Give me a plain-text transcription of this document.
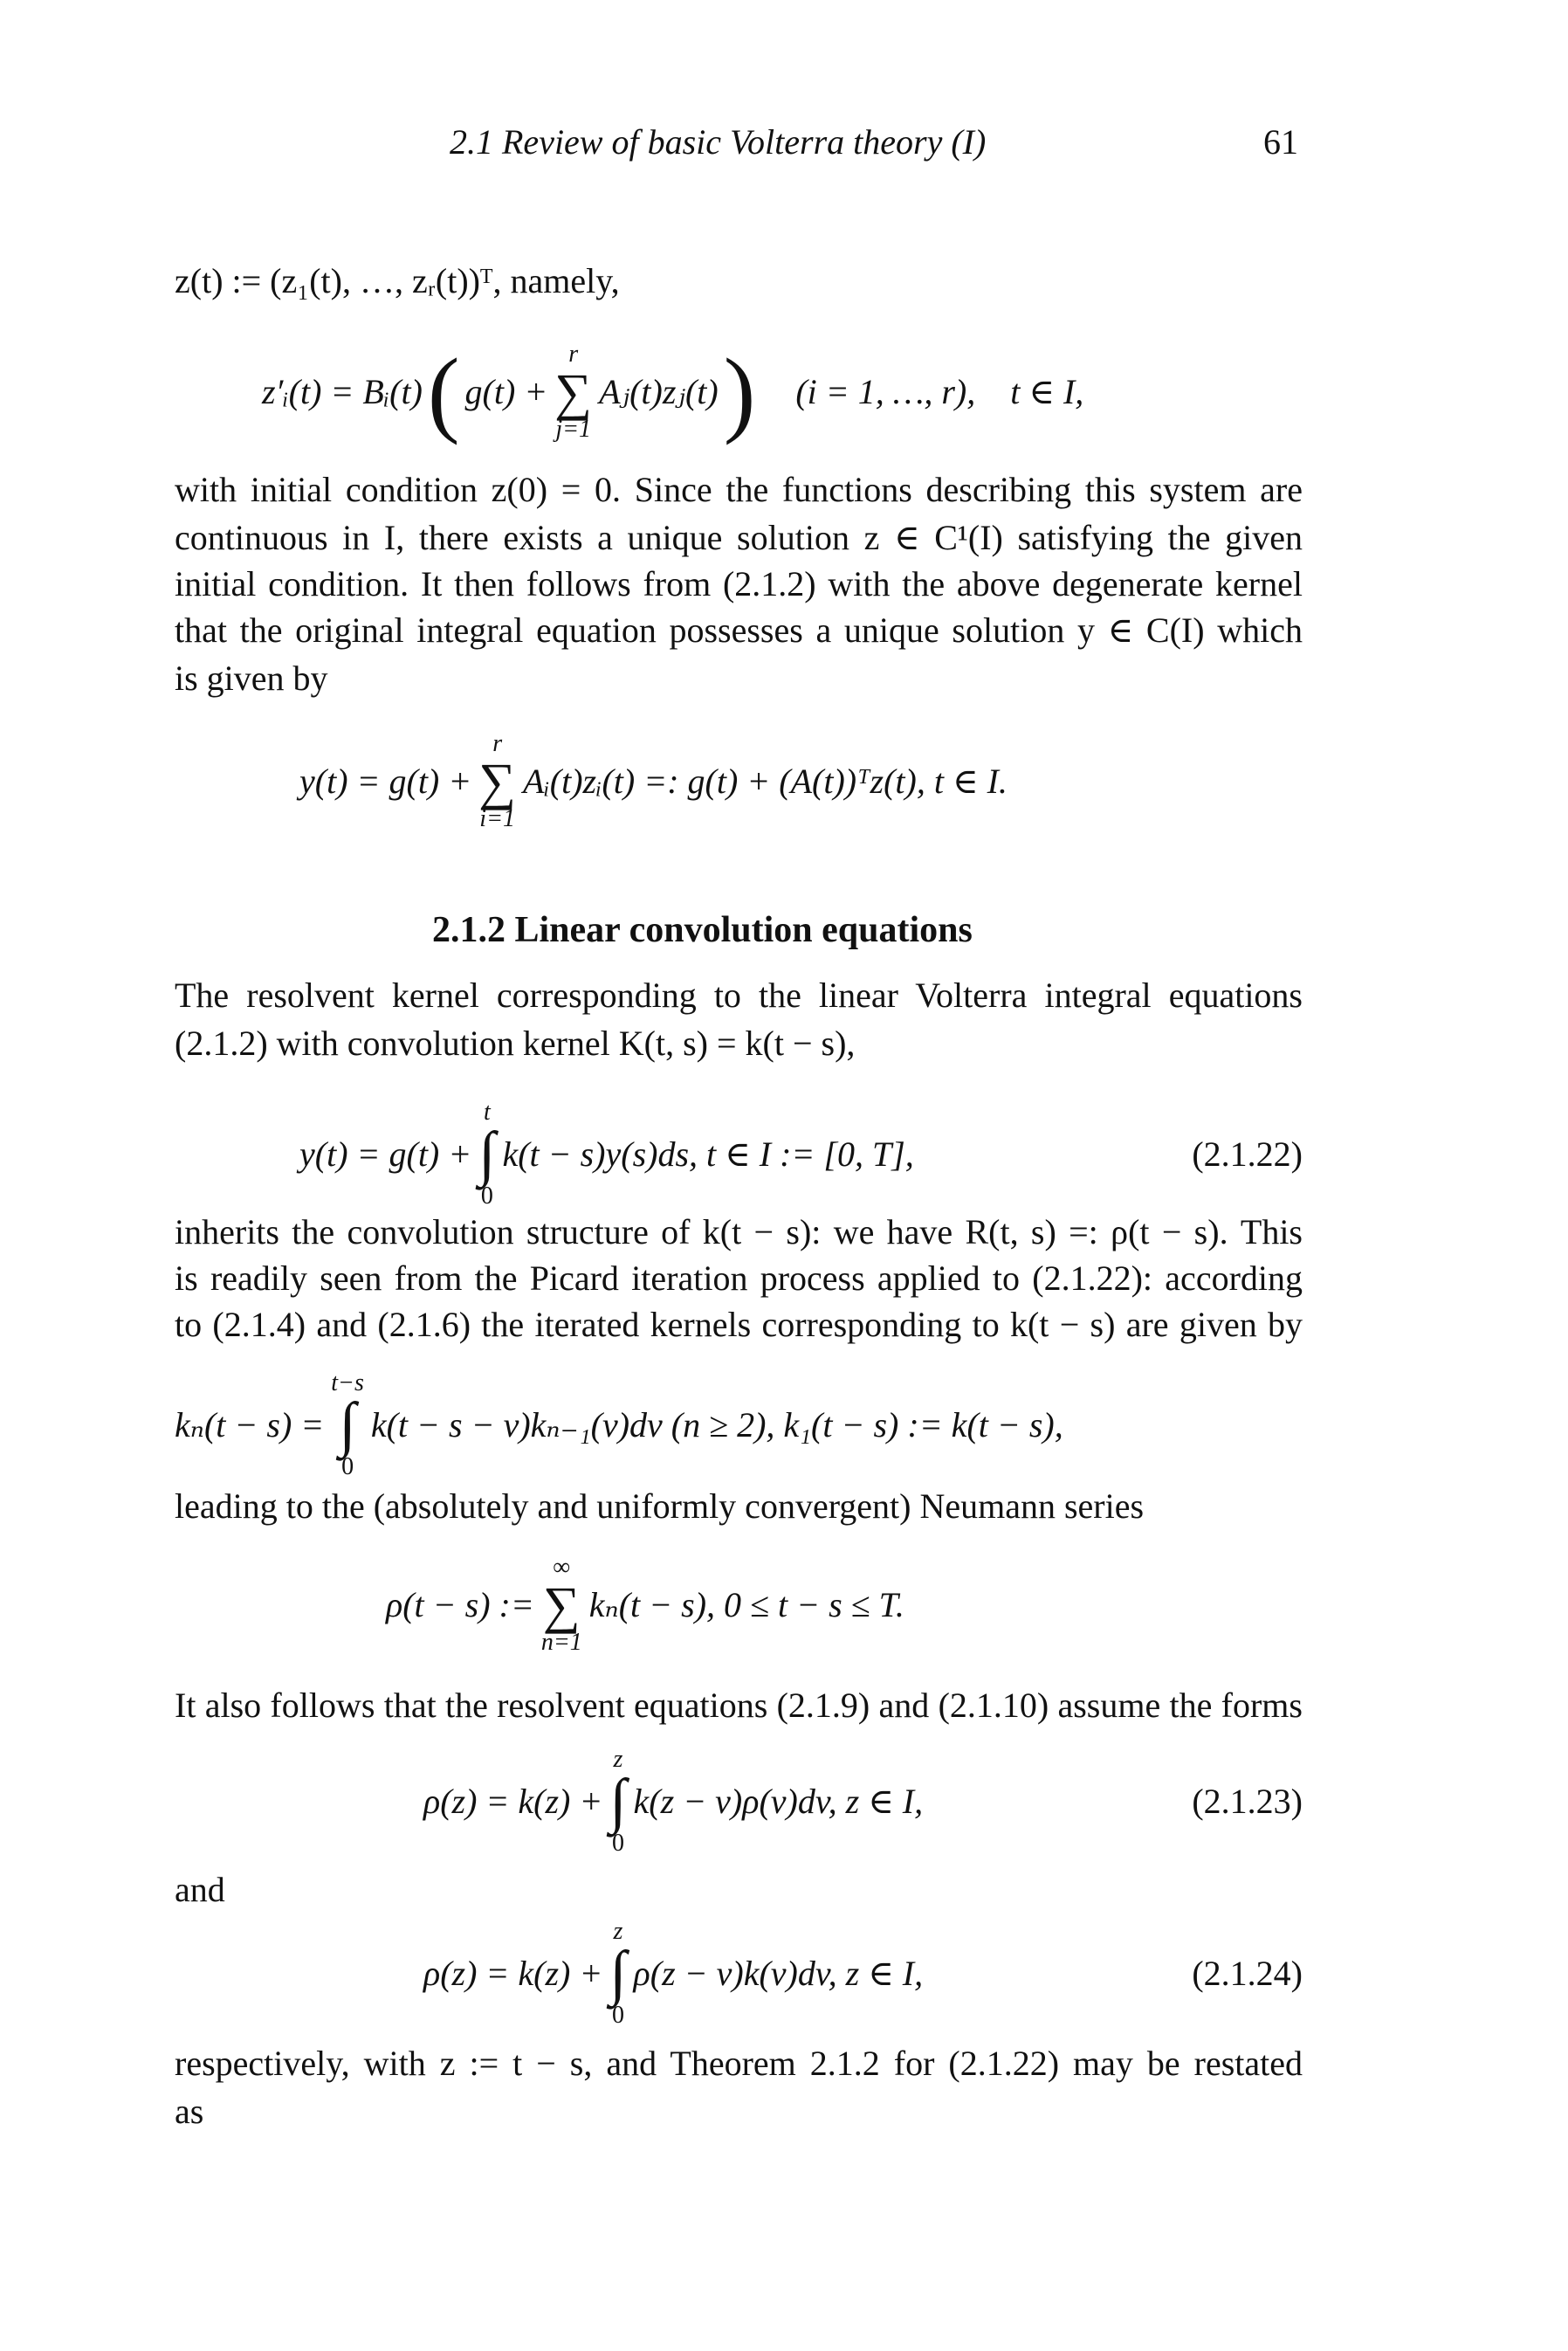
2.1 Review of basic Volterra theory (I)	61
z(t) := (z₁(t), …, zᵣ(t))ᵀ, namely,
z′ᵢ(t) = Bᵢ(t) ( g(t) +
r
∑
j=1
Aⱼ(t)zⱼ(t) ) (i = 1, …, r), t ∈ I,
with initial condition z(0) = 0. Since the functions describing this system are
continuous in I, there exists a unique solution z ∈ C¹(I) satisfying the given
initial condition. It then follows from (2.1.2) with the above degenerate kernel
that the original integral equation possesses a unique solution y ∈ C(I) which
is given by
y(t) = g(t) +
r
∑
i=1
Aᵢ(t)zᵢ(t) =: g(t) + (A(t))ᵀz(t), t ∈ I.
2.1.2 Linear convolution equations
The resolvent kernel corresponding to the linear Volterra integral equations
(2.1.2) with convolution kernel K(t, s) = k(t − s),
y(t) = g(t) +
t
∫
0
k(t − s)y(s)ds, t ∈ I := [0, T],	(2.1.22)
inherits the convolution structure of k(t − s): we have R(t, s) =: ρ(t − s). This
is readily seen from the Picard iteration process applied to (2.1.22): according
to (2.1.4) and (2.1.6) the iterated kernels corresponding to k(t − s) are given by
kₙ(t − s) =
t−s
∫
0
k(t − s − v)kₙ₋₁(v)dv (n ≥ 2), k₁(t − s) := k(t − s),
leading to the (absolutely and uniformly convergent) Neumann series
ρ(t − s) :=
∞
∑
n=1
kₙ(t − s), 0 ≤ t − s ≤ T.
It also follows that the resolvent equations (2.1.9) and (2.1.10) assume the forms
ρ(z) = k(z) +
z
∫
0
k(z − v)ρ(v)dv, z ∈ I,	(2.1.23)
and
ρ(z) = k(z) +
z
∫
0
ρ(z − v)k(v)dv, z ∈ I,	(2.1.24)
respectively, with z := t − s, and Theorem 2.1.2 for (2.1.22) may be restated
as
